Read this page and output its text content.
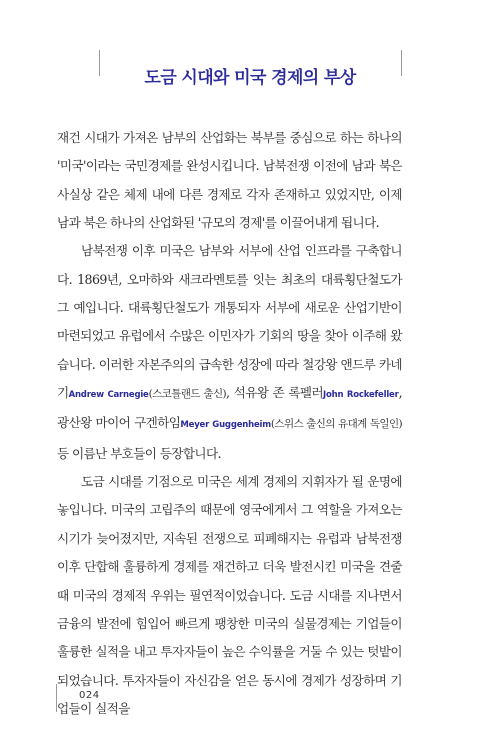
도금 시대와 미국 경제의 부상

재건 시대가 가져온 남부의 산업화는 북부를 중심으로 하는 하나의 '미국'이라는 국민경제를 완성시킵니다. 남북전쟁 이전에 남과 북은 사실상 같은 체제 내에 다른 경제로 각자 존재하고 있었지만, 이제 남과 북은 하나의 산업화된 '규모의 경제'를 이끌어내게 됩니다.

남북전쟁 이후 미국은 남부와 서부에 산업 인프라를 구축합니다. 1869년, 오마하와 새크라멘토를 잇는 최초의 대륙횡단철도가 그 예입니다. 대륙횡단철도가 개통되자 서부에 새로운 산업기반이 마련되었고 유럽에서 수많은 이민자가 기회의 땅을 찾아 이주해 왔습니다. 이러한 자본주의의 급속한 성장에 따라 철강왕 앤드루 카네기Andrew Carnegie(스코틀랜드 출신), 석유왕 존 록펠러John Rockefeller, 광산왕 마이어 구겐하임Meyer Guggenheim(스위스 출신의 유대계 독일인) 등 이름난 부호들이 등장합니다.

도금 시대를 기점으로 미국은 세계 경제의 지휘자가 될 운명에 놓입니다. 미국의 고립주의 때문에 영국에게서 그 역할을 가져오는 시기가 늦어졌지만, 지속된 전쟁으로 피폐해지는 유럽과 남북전쟁 이후 단합해 훌륭하게 경제를 재건하고 더욱 발전시킨 미국을 견줄 때 미국의 경제적 우위는 필연적이었습니다. 도금 시대를 지나면서 금융의 발전에 힘입어 빠르게 팽창한 미국의 실물경제는 기업들이 훌륭한 실적을 내고 투자자들이 높은 수익률을 거둘 수 있는 텃밭이 되었습니다. 투자자들이 자신감을 얻은 동시에 경제가 성장하며 기업들이 실적을

024
